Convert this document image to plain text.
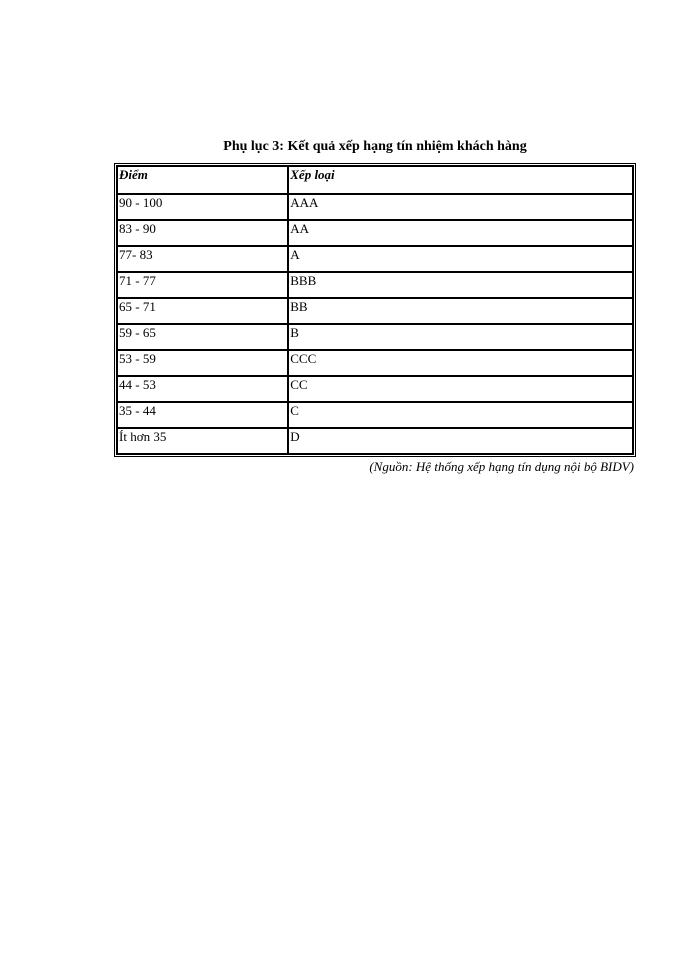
Phụ lục 3: Kết quả xếp hạng tín nhiệm khách hàng
Điểm	Xếp loại
90 - 100	AAA
83 - 90	AA
77- 83	A
71 - 77	BBB
65 - 71	BB
59 - 65	B
53 - 59	CCC
44 - 53	CC
35 - 44	C
Ít hơn 35	D
(Nguồn: Hệ thống xếp hạng tín dụng nội bộ BIDV)
